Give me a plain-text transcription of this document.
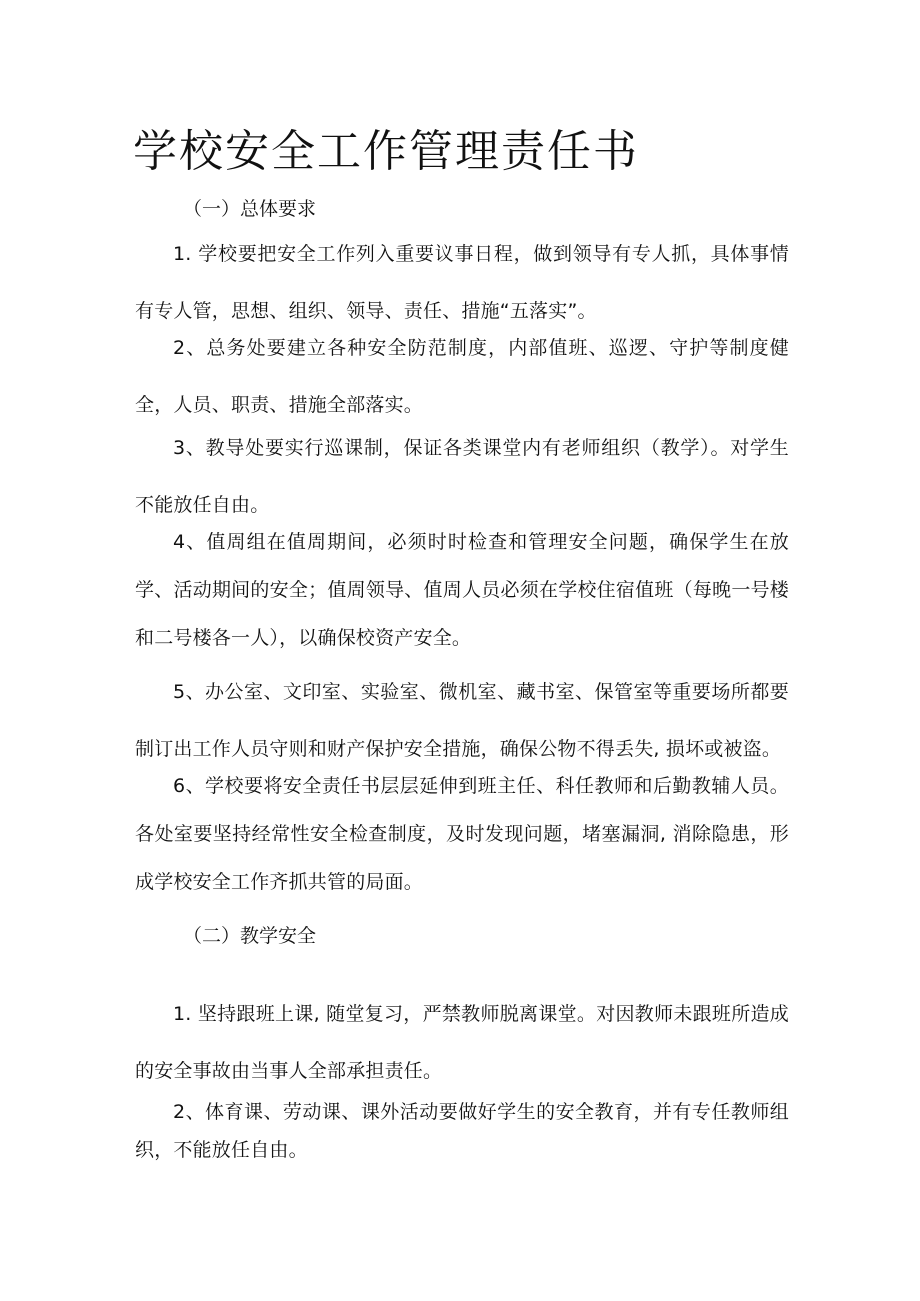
学校安全工作管理责任书
（一）总体要求

1. 学校要把安全工作列入重要议事日程，做到领导有专人抓，具体事情有专人管，思想、组织、领导、责任、措施“五落实”。

2、总务处要建立各种安全防范制度，内部值班、巡逻、守护等制度健全，人员、职责、措施全部落实。

3、教导处要实行巡课制，保证各类课堂内有老师组织（教学）。对学生不能放任自由。

4、值周组在值周期间，必须时时检查和管理安全问题，确保学生在放学、活动期间的安全；值周领导、值周人员必须在学校住宿值班（每晚一号楼和二号楼各一人），以确保校资产安全。

5、办公室、文印室、实验室、微机室、藏书室、保管室等重要场所都要制订出工作人员守则和财产保护安全措施，确保公物不得丢失, 损坏或被盗。

6、学校要将安全责任书层层延伸到班主任、科任教师和后勤教辅人员。各处室要坚持经常性安全检查制度，及时发现问题，堵塞漏洞, 消除隐患，形成学校安全工作齐抓共管的局面。

（二）教学安全

1. 坚持跟班上课, 随堂复习，严禁教师脱离课堂。对因教师未跟班所造成的安全事故由当事人全部承担责任。

2、体育课、劳动课、课外活动要做好学生的安全教育，并有专任教师组织，不能放任自由。
